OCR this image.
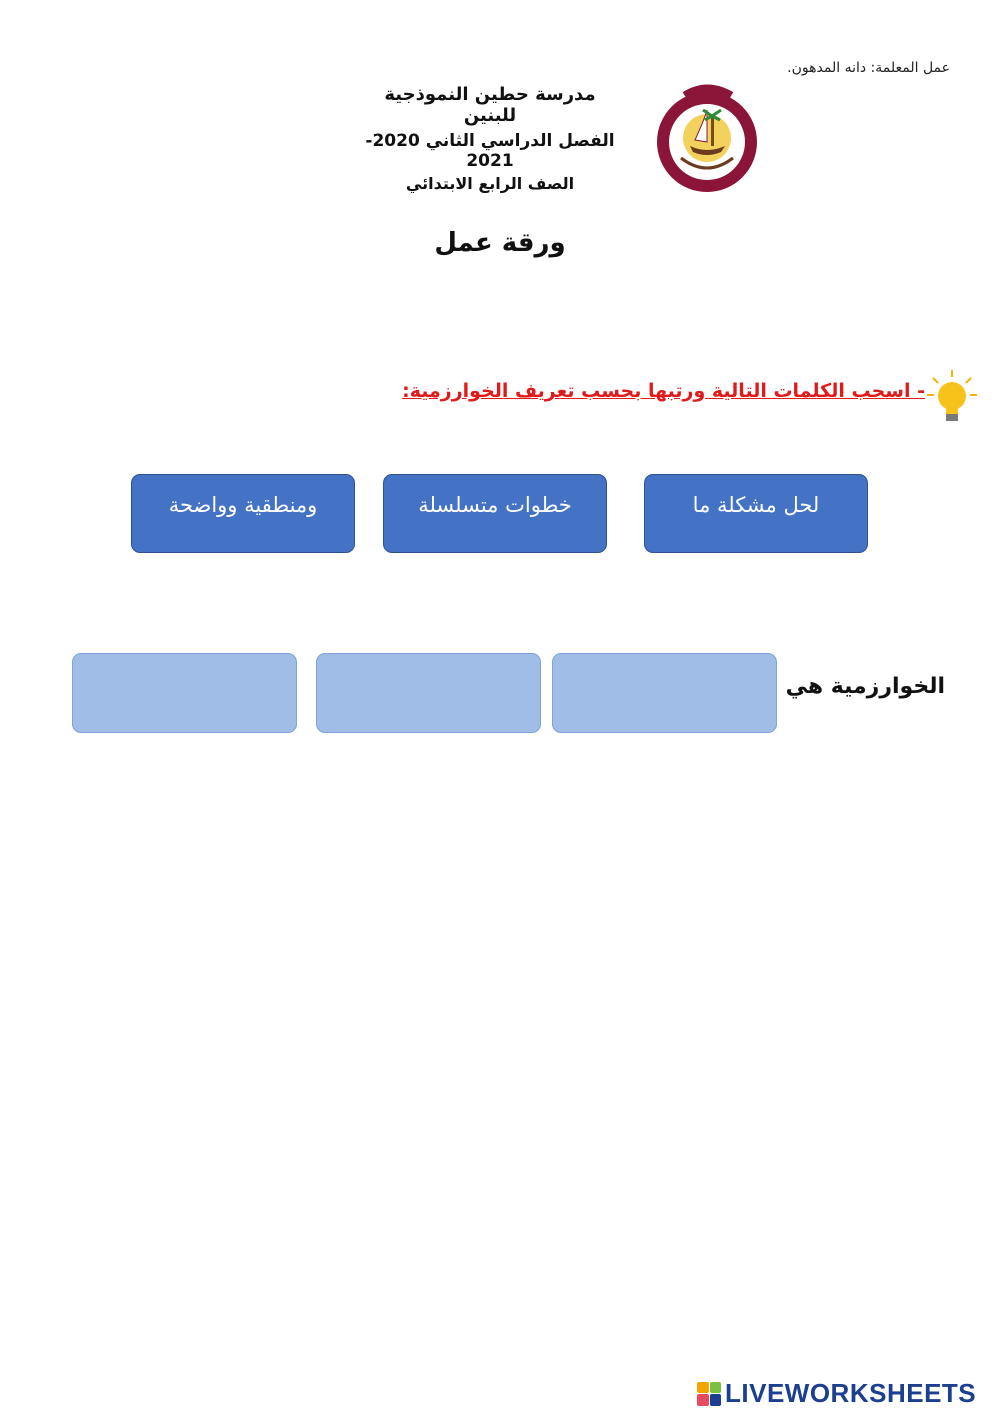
عمل المعلمة: دانه المدهون.
مدرسة حطين النموذجية للبنين
الفصل الدراسي الثاني 2020-2021
الصف الرابع الابتدائي
ورقة عمل
- اسحب الكلمات التالية ورتبها بحسب تعريف الخوارزمية:
لحل مشكلة ما
خطوات متسلسلة
ومنطقية وواضحة
الخوارزمية هي
LIVEWORKSHEETS
